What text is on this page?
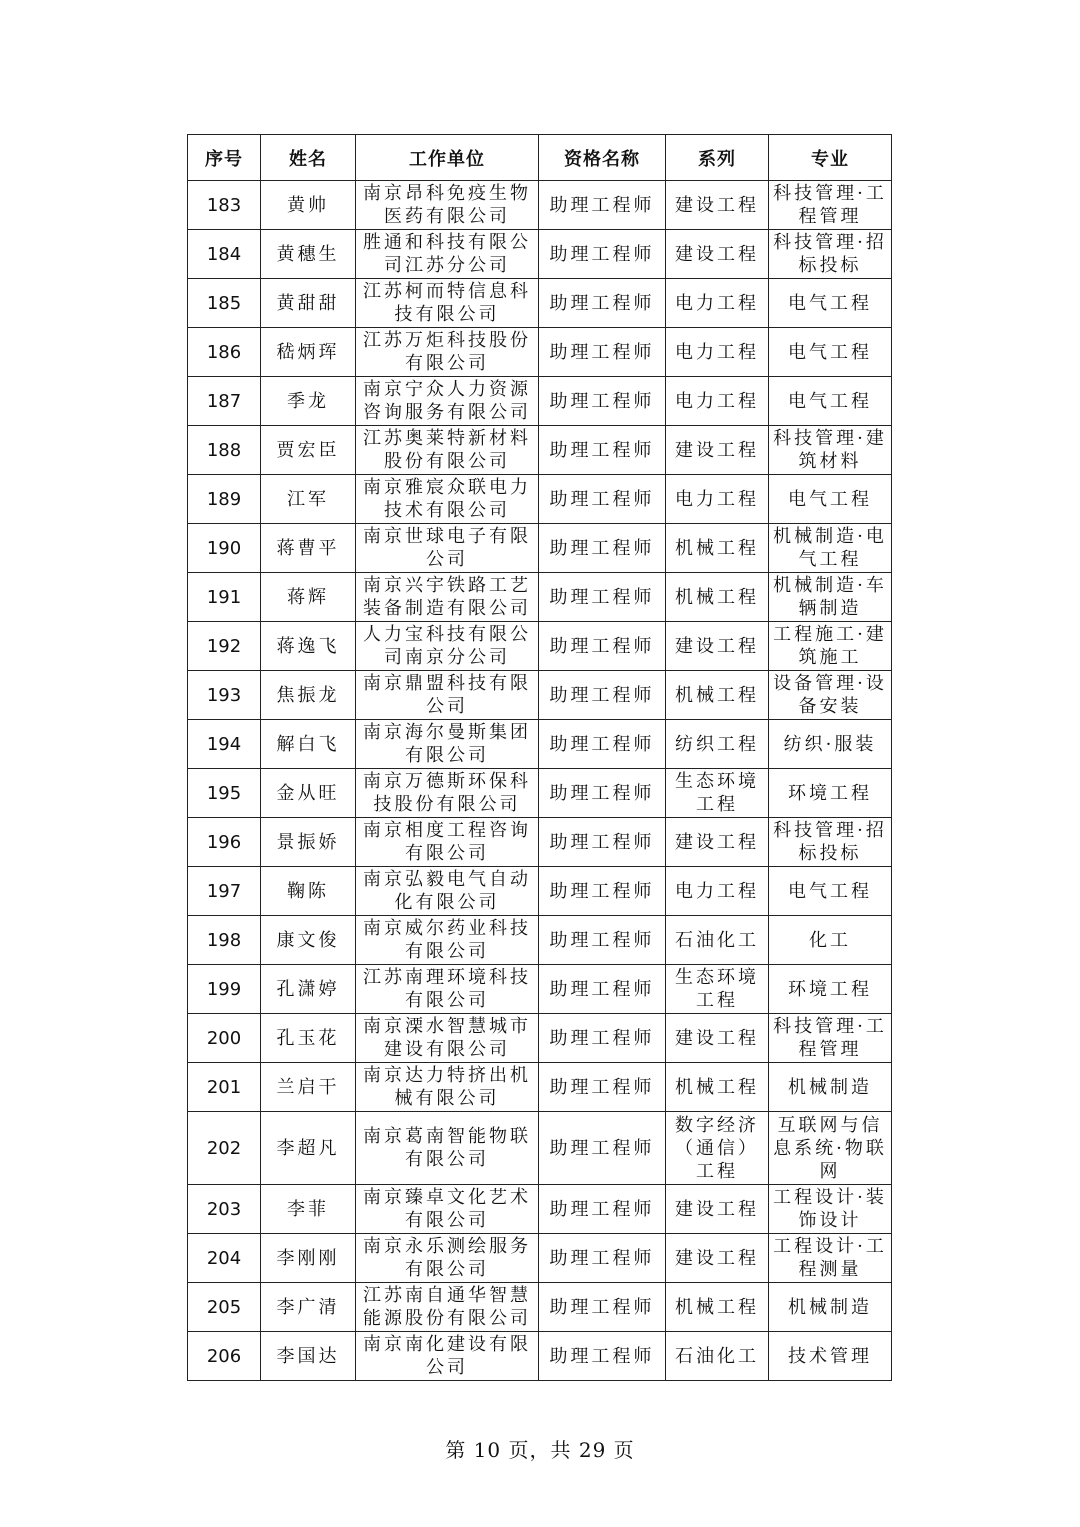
序号	姓名	工作单位	资格名称	系列	专业
183	黄帅	南京昂科免疫生物医药有限公司	助理工程师	建设工程	科技管理·工程管理
184	黄穗生	胜通和科技有限公司江苏分公司	助理工程师	建设工程	科技管理·招标投标
185	黄甜甜	江苏柯而特信息科技有限公司	助理工程师	电力工程	电气工程
186	嵇炳珲	江苏万炬科技股份有限公司	助理工程师	电力工程	电气工程
187	季龙	南京宁众人力资源咨询服务有限公司	助理工程师	电力工程	电气工程
188	贾宏臣	江苏奥莱特新材料股份有限公司	助理工程师	建设工程	科技管理·建筑材料
189	江军	南京雅宸众联电力技术有限公司	助理工程师	电力工程	电气工程
190	蒋曹平	南京世球电子有限公司	助理工程师	机械工程	机械制造·电气工程
191	蒋辉	南京兴宇铁路工艺装备制造有限公司	助理工程师	机械工程	机械制造·车辆制造
192	蒋逸飞	人力宝科技有限公司南京分公司	助理工程师	建设工程	工程施工·建筑施工
193	焦振龙	南京鼎盟科技有限公司	助理工程师	机械工程	设备管理·设备安装
194	解白飞	南京海尔曼斯集团有限公司	助理工程师	纺织工程	纺织·服装
195	金从旺	南京万德斯环保科技股份有限公司	助理工程师	生态环境工程	环境工程
196	景振娇	南京相度工程咨询有限公司	助理工程师	建设工程	科技管理·招标投标
197	鞠陈	南京弘毅电气自动化有限公司	助理工程师	电力工程	电气工程
198	康文俊	南京威尔药业科技有限公司	助理工程师	石油化工	化工
199	孔潇婷	江苏南理环境科技有限公司	助理工程师	生态环境工程	环境工程
200	孔玉花	南京溧水智慧城市建设有限公司	助理工程师	建设工程	科技管理·工程管理
201	兰启干	南京达力特挤出机械有限公司	助理工程师	机械工程	机械制造
202	李超凡	南京葛南智能物联有限公司	助理工程师	数字经济（通信）工程	互联网与信息系统·物联网
203	李菲	南京臻卓文化艺术有限公司	助理工程师	建设工程	工程设计·装饰设计
204	李刚刚	南京永乐测绘服务有限公司	助理工程师	建设工程	工程设计·工程测量
205	李广清	江苏南自通华智慧能源股份有限公司	助理工程师	机械工程	机械制造
206	李国达	南京南化建设有限公司	助理工程师	石油化工	技术管理
第 10 页，共 29 页
